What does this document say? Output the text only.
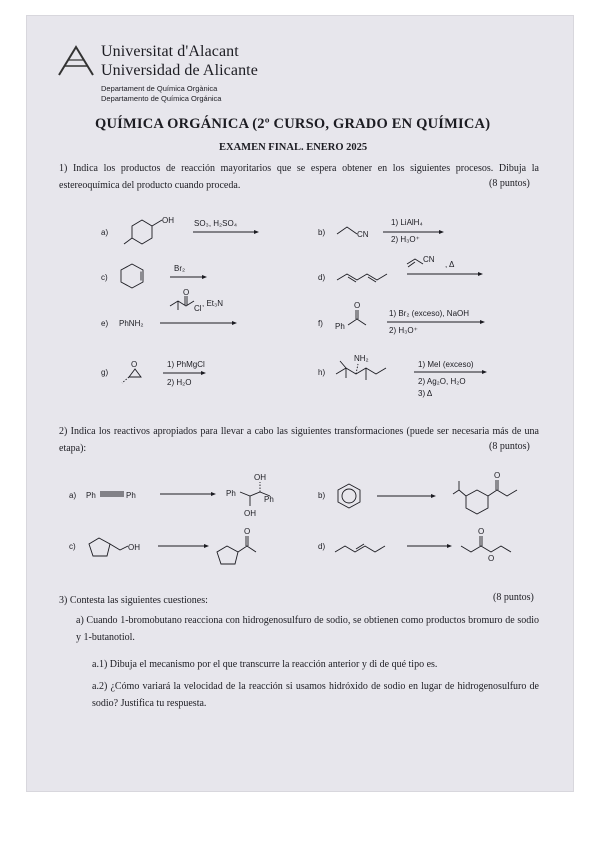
Universitat d'Alacant
Universidad de Alicante
Departament de Química Orgànica
Departamento de Química Orgánica
QUÍMICA ORGÁNICA (2º CURSO, GRADO EN QUÍMICA)
EXAMEN FINAL. ENERO 2025
1) Indica los productos de reacción mayoritarios que se espera obtener en los siguientes procesos. Dibuja la estereoquímica del producto cuando proceda.	(8 puntos)
a)
OH	SO₃, H₂SO₄
b)	CN
1) LiAlH₄
2) H₃O⁺
c)
Br₂
d)
CN
, Δ
e) PhNH₂
O
Cl
, Et₃N
f) Ph
O
1) Br₂ (exceso), NaOH
2) H₃O⁺
g)
O	1) PhMgCl
2) H₂O
h)
NH₂
1) MeI (exceso)
2) Ag₂O, H₂O
3) Δ
2) Indica los reactivos apropiados para llevar a cabo las siguientes transformaciones (puede ser necesaria más de una etapa):	(8 puntos)
a) Ph	Ph
OH
Ph
Ph
OH
b)
O
c)	OH
O
d)
O
O
3) Contesta las siguientes cuestiones:	(8 puntos)
a) Cuando 1-bromobutano reacciona con hidrogenosulfuro de sodio, se obtienen como productos bromuro de sodio y 1-butanotiol.
a.1) Dibuja el mecanismo por el que transcurre la reacción anterior y di de qué tipo es.
a.2) ¿Cómo variará la velocidad de la reacción si usamos hidróxido de sodio en lugar de hidrogenosulfuro de sodio? Justifica tu respuesta.
